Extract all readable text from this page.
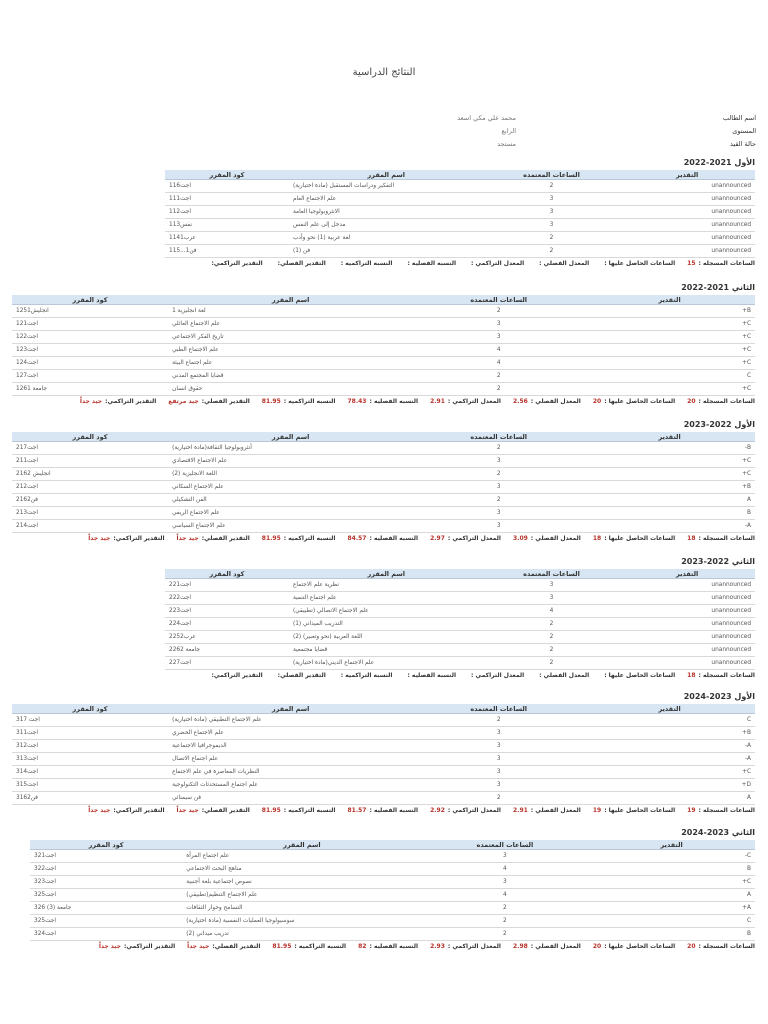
النتائج الدراسية
اسم الطالب
محمد علي مكي اسعد
المستوى
الرابع
حالة القيد
مستجد
الأول 2021-2022
التقدير	الساعات المعتمده	اسم المقرر	كود المقرر
unannounced	2	التفكير ودراسات المستقبل (مادة اختيارية)	اجت116
unannounced	3	علم الاجتماع العام	اجت111
unannounced	3	الانثروبولوجيا العامة	اجت112
unannounced	3	مدخل إلى علم النفس	نفس113
unannounced	2	لغة عربية (1) نحو وأدب	عرب1141
unannounced	2	فن (1)	فن1...115
الساعات المسجله :15
الساعات الحاصل عليها :
المعدل الفصلي :
المعدل التراكمي :
النسبه الفصليه :
النسبه التراكميه :
التقدير الفصلي:
التقدير التراكمي:
الثاني 2021-2022
التقدير	الساعات المعتمده	اسم المقرر	كود المقرر
B+	2	لغة انجليزية 1	انجليش1251
C+	3	علم الاجتماع العائلي	اجت121
C+	3	تاريخ الفكر الاجتماعي	اجت122
C+	4	علم الاجتماع الطبي	اجت123
C+	4	علم اجتماع البيئة	اجت124
C	2	قضايا المجتمع المدني	اجت127
C+	2	حقوق انسان	جامعة 1261
الساعات المسجله :20
الساعات الحاصل عليها :20
المعدل الفصلي :2.56
المعدل التراكمي :2.91
النسبه الفصليه :78.43
النسبه التراكميه :81.95
التقدير الفصلي:جيد مرتفع
التقدير التراكمي:جيد جداً
الأول 2022-2023
التقدير	الساعات المعتمده	اسم المقرر	كود المقرر
B-	2	أنثروبولوجيا الثقافة(مادة اختيارية)	اجت217
C+	3	علم الاجتماع الاقتصادي	اجت211
C+	2	اللغة الانجليزية (2)	انجليش 2162
B+	3	علم الاجتماع السكاني	اجت212
A	2	الفن التشكيلي	فن2162
B	3	علم الاجتماع الريفي	اجت213
A-	3	علم الاجتماع السياسي	اجت214
الساعات المسجله :18
الساعات الحاصل عليها :18
المعدل الفصلي :3.09
المعدل التراكمي :2.97
النسبه الفصليه :84.57
النسبه التراكميه :81.95
التقدير الفصلي:جيد جداً
التقدير التراكمي:جيد جداً
الثاني 2022-2023
التقدير	الساعات المعتمده	اسم المقرر	كود المقرر
unannounced	3	نظرية علم الاجتماع	اجت221
unannounced	3	علم اجتماع التنمية	اجت222
unannounced	4	علم الاجتماع الاتصالي (تطبيقي)	اجت223
unannounced	2	التدريب الميداني (1)	اجت224
unannounced	2	اللغة العربية (نحو وتعبير) (2)	عرب2252
unannounced	2	قضايا مجتمعية	جامعة 2262
unannounced	2	علم الاجتماع الديني(مادة اختيارية)	اجت227
الساعات المسجله :18
الساعات الحاصل عليها :
المعدل الفصلي :
المعدل التراكمي :
النسبه الفصليه :
النسبه التراكميه :
التقدير الفصلي:
التقدير التراكمي:
الأول 2023-2024
التقدير	الساعات المعتمده	اسم المقرر	كود المقرر
C	2	علم الاجتماع التطبيقي (مادة اختيارية)	اجت 317
B+	3	علم الاجتماع الحضري	اجت311
A-	3	الديموجرافيا الاجتماعية	اجت312
A-	3	علم اجتماع الاتصال	اجت313
C+	3	النظريات المعاصرة في علم الاجتماع	اجت314
D+	3	علم اجتماع المستحدثات التكنولوجية	اجت315
A	2	فن سيمنائي	فن3162
الساعات المسجله :19
الساعات الحاصل عليها :19
المعدل الفصلي :2.91
المعدل التراكمي :2.92
النسبه الفصليه :81.57
النسبه التراكميه :81.95
التقدير الفصلي:جيد جداً
التقدير التراكمي:جيد جداً
الثاني 2023-2024
التقدير	الساعات المعتمده	اسم المقرر	كود المقرر
C-	3	علم اجتماع المرأة	اجت321
B	4	مناهج البحث الاجتماعي	اجت322
C+	3	نصوص اجتماعية بلغة أجنبية	اجت323
A	4	علم الاجتماع التنظيم(تطبيقي)	اجت325
A+	2	التسامح وحوار الثقافات	جامعة (3) 326
C	2	سوسيولوجيا العمليات النفسية (مادة اختيارية)	اجت325
B	2	تدريب ميداني (2)	اجت324
الساعات المسجله :20
الساعات الحاصل عليها :20
المعدل الفصلي :2.98
المعدل التراكمي :2.93
النسبه الفصليه :82
النسبه التراكميه :81.95
التقدير الفصلي:جيد جداً
التقدير التراكمي:جيد جداً
